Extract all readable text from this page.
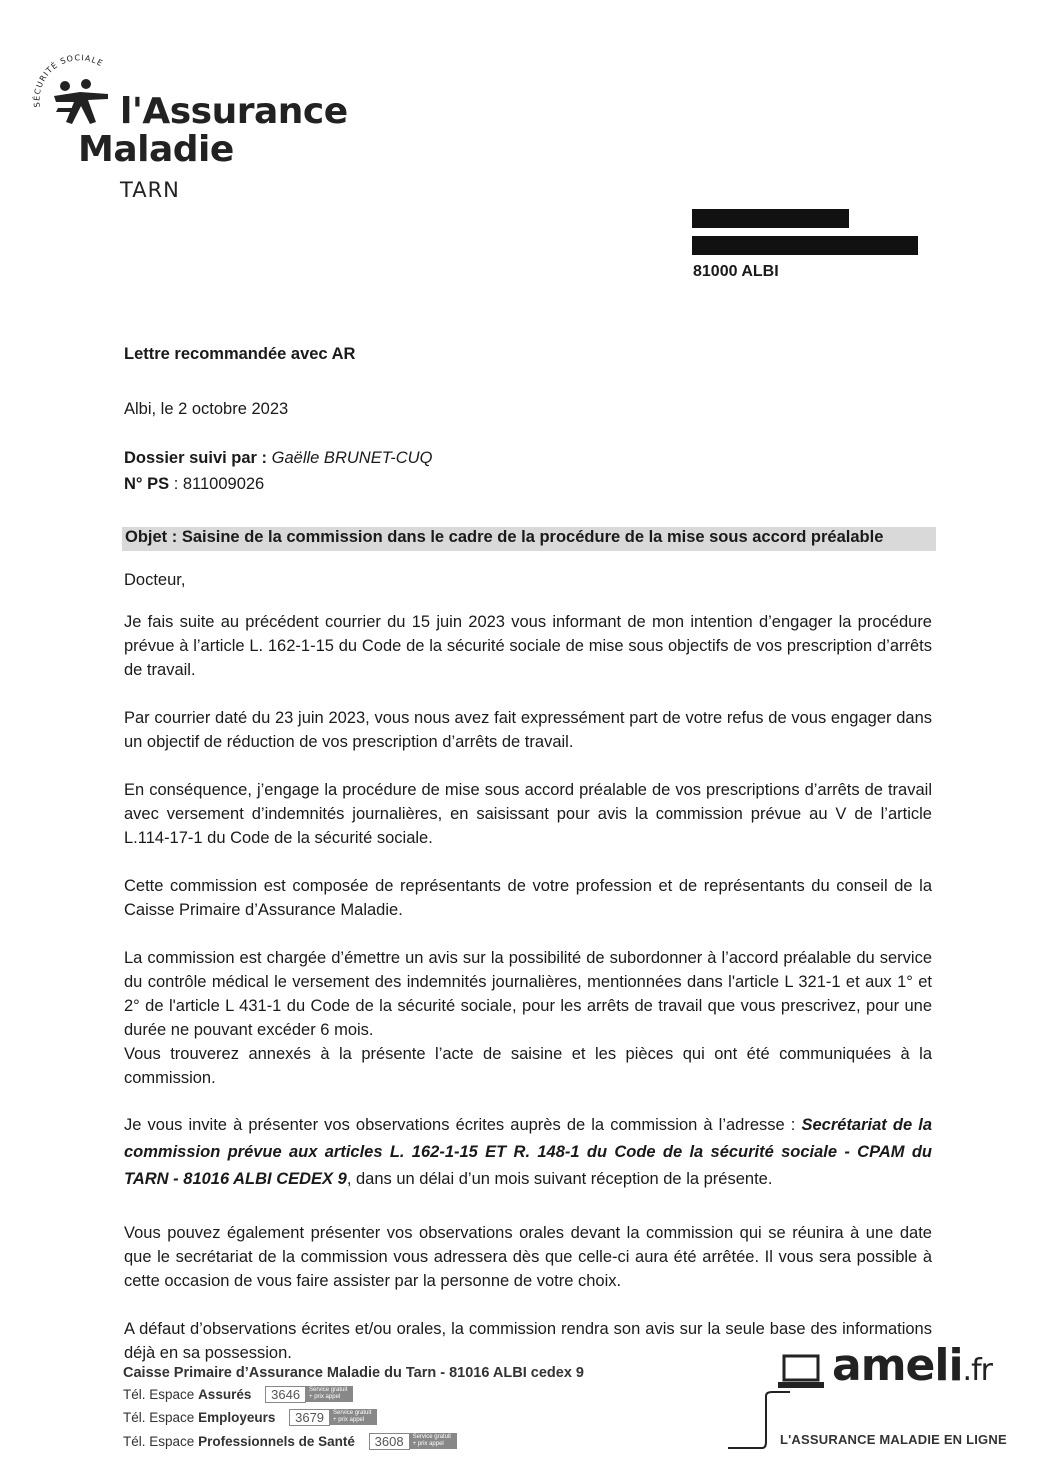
SÉCURITÉ SOCIALE
l'Assurance
Maladie
TARN
81000 ALBI
Lettre recommandée avec AR
Albi, le 2 octobre 2023
Dossier suivi par : Gaëlle BRUNET-CUQ
N° PS : 811009026
Objet : Saisine de la commission dans le cadre de la procédure de la mise sous accord préalable
Docteur,
Je fais suite au précédent courrier du 15 juin 2023 vous informant de mon intention d’engager la procédure prévue à l’article L. 162-1-15 du Code de la sécurité sociale de mise sous objectifs de vos prescription d’arrêts de travail.
Par courrier daté du 23 juin 2023, vous nous avez fait expressément part de votre refus de vous engager dans un objectif de réduction de vos prescription d’arrêts de travail.
En conséquence, j’engage la procédure de mise sous accord préalable de vos prescriptions d’arrêts de travail avec versement d’indemnités journalières, en saisissant pour avis la commission prévue au V de l’article L.114-17-1 du Code de la sécurité sociale.
Cette commission est composée de représentants de votre profession et de représentants du conseil de la Caisse Primaire d’Assurance Maladie.
La commission est chargée d’émettre un avis sur la possibilité de subordonner à l’accord préalable du service du contrôle médical le versement des indemnités journalières, mentionnées dans l'article L 321-1 et aux 1° et 2° de l'article L 431-1 du Code de la sécurité sociale, pour les arrêts de travail que vous prescrivez, pour une durée ne pouvant excéder 6 mois.
Vous trouverez annexés à la présente l’acte de saisine et les pièces qui ont été communiquées à la commission.
Je vous invite à présenter vos observations écrites auprès de la commission à l’adresse : Secrétariat de la commission prévue aux articles L. 162-1-15 ET R. 148-1 du Code de la sécurité sociale - CPAM du TARN - 81016 ALBI CEDEX 9, dans un délai d’un mois suivant réception de la présente.
Vous pouvez également présenter vos observations orales devant la commission qui se réunira à une date que le secrétariat de la commission vous adressera dès que celle-ci aura été arrêtée. Il vous sera possible à cette occasion de vous faire assister par la personne de votre choix.
A défaut d’observations écrites et/ou orales, la commission rendra son avis sur la seule base des informations déjà en sa possession.
Caisse Primaire d’Assurance Maladie du Tarn - 81016 ALBI cedex 9
Tél. Espace Assurés 3646 Service gratuit
+ prix appel
Tél. Espace Employeurs 3679 Service gratuit
+ prix appel
Tél. Espace Professionnels de Santé 3608 Service gratuit
+ prix appel
ameli.fr
L'ASSURANCE MALADIE EN LIGNE
